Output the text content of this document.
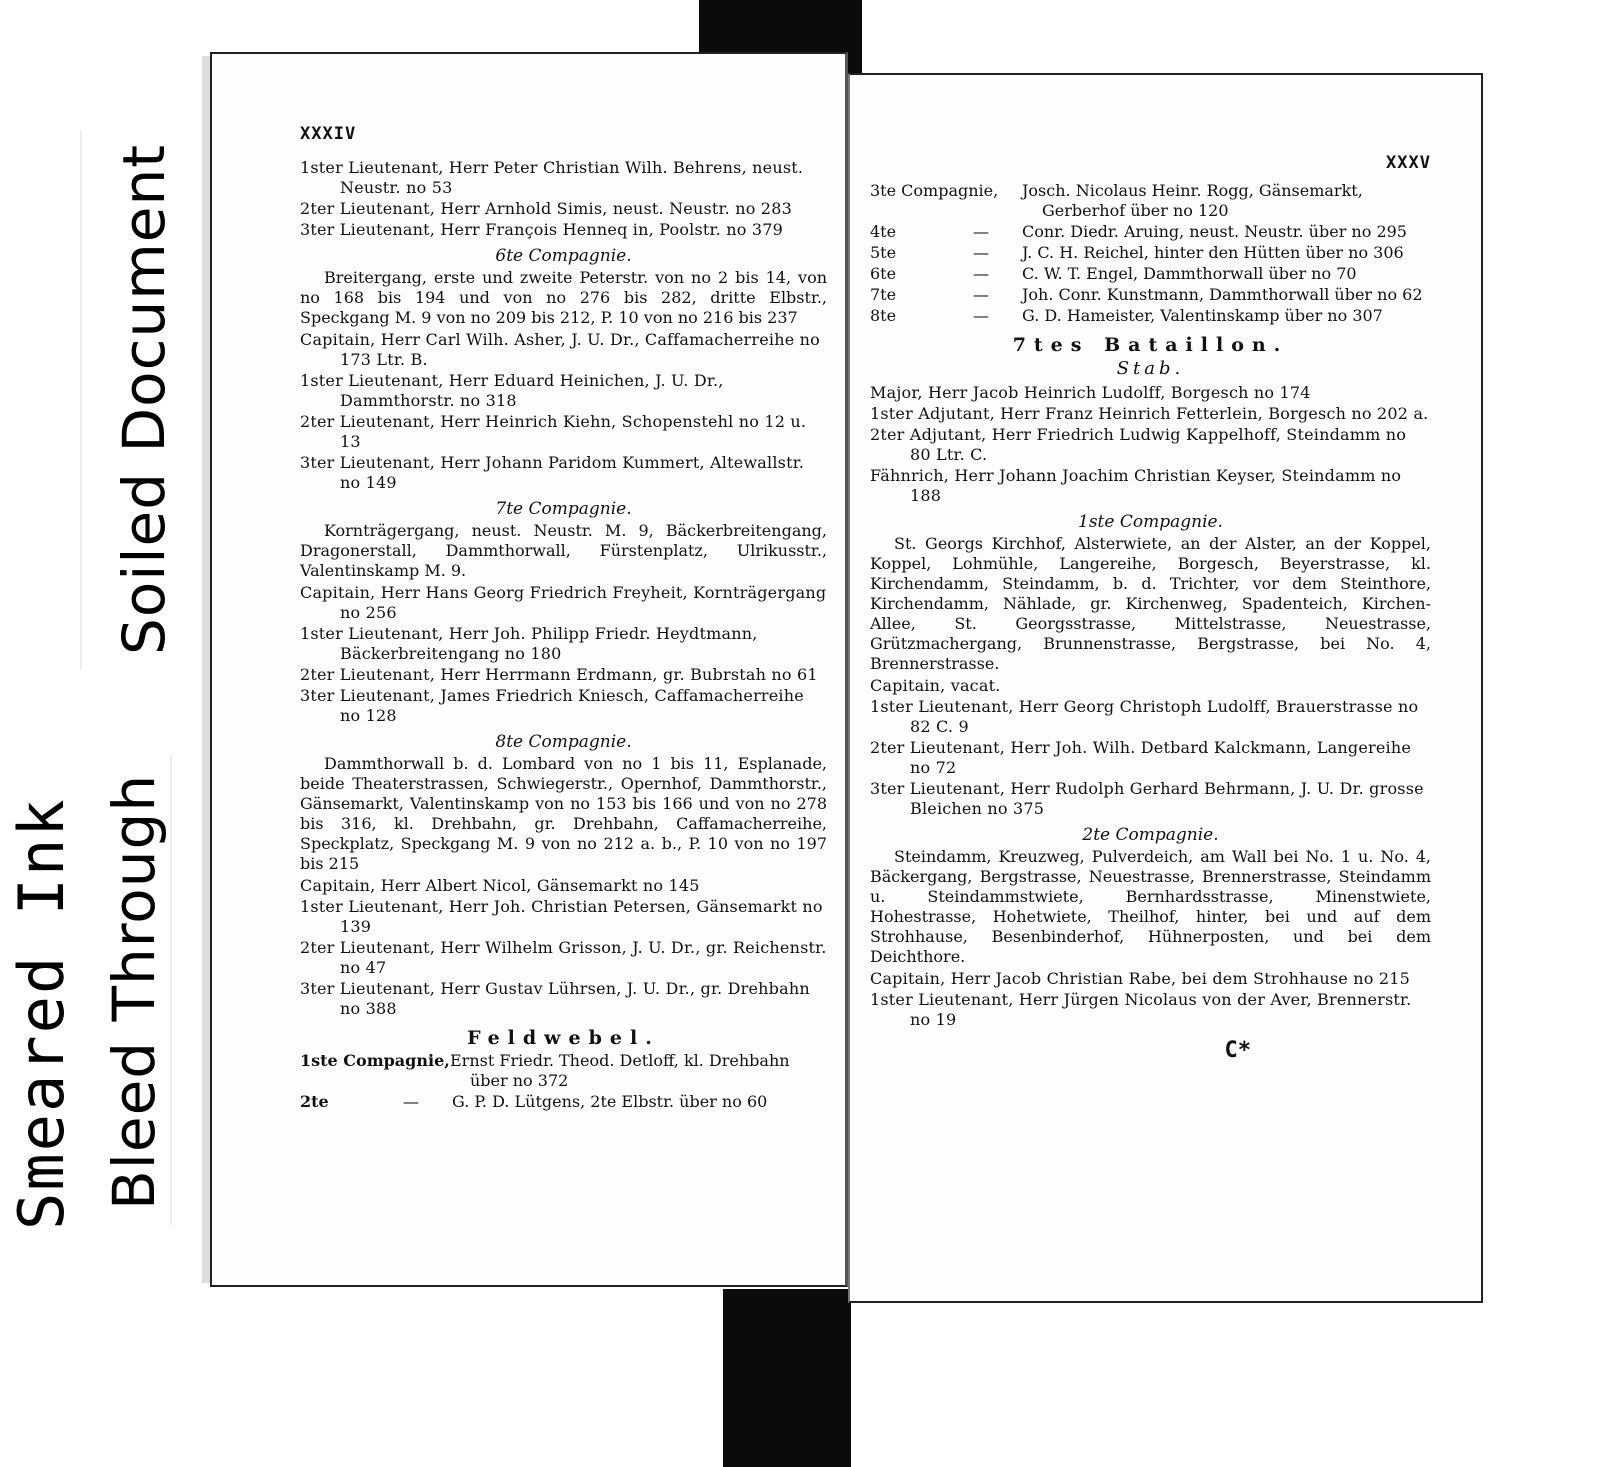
Soiled Document
Bleed Through
Smeared Ink
XXXIV

1ster Lieutenant, Herr Peter Christian Wilh. Behrens, neust. Neustr. no 53

2ter Lieutenant, Herr Arnhold Simis, neust. Neustr. no 283

3ter Lieutenant, Herr François Henneq in, Poolstr. no 379

6te Compagnie.

Breitergang, erste und zweite Peterstr. von no 2 bis 14, von no 168 bis 194 und von no 276 bis 282, dritte Elbstr., Speckgang M. 9 von no 209 bis 212, P. 10 von no 216 bis 237

Capitain, Herr Carl Wilh. Asher, J. U. Dr., Caffamacherreihe no 173 Ltr. B.

1ster Lieutenant, Herr Eduard Heinichen, J. U. Dr., Dammthorstr. no 318

2ter Lieutenant, Herr Heinrich Kiehn, Schopenstehl no 12 u. 13

3ter Lieutenant, Herr Johann Paridom Kummert, Altewallstr. no 149

7te Compagnie.

Kornträgergang, neust. Neustr. M. 9, Bäckerbreitengang, Dragonerstall, Dammthorwall, Fürstenplatz, Ulrikusstr., Valentinskamp M. 9.

Capitain, Herr Hans Georg Friedrich Freyheit, Kornträgergang no 256

1ster Lieutenant, Herr Joh. Philipp Friedr. Heydtmann, Bäckerbreitengang no 180

2ter Lieutenant, Herr Herrmann Erdmann, gr. Bubrstah no 61

3ter Lieutenant, James Friedrich Kniesch, Caffamacherreihe no 128

8te Compagnie.

Dammthorwall b. d. Lombard von no 1 bis 11, Esplanade, beide Theaterstrassen, Schwiegerstr., Opernhof, Dammthorstr., Gänsemarkt, Valentinskamp von no 153 bis 166 und von no 278 bis 316, kl. Drehbahn, gr. Drehbahn, Caffamacherreihe, Speckplatz, Speckgang M. 9 von no 212 a. b., P. 10 von no 197 bis 215

Capitain, Herr Albert Nicol, Gänsemarkt no 145

1ster Lieutenant, Herr Joh. Christian Petersen, Gänsemarkt no 139

2ter Lieutenant, Herr Wilhelm Grisson, J. U. Dr., gr. Reichenstr. no 47

3ter Lieutenant, Herr Gustav Lührsen, J. U. Dr., gr. Drehbahn no 388

Feldwebel.
1ste Compagnie, Ernst Friedr. Theod. Detloff, kl. Drehbahn über no 372
2te	—	G. P. D. Lütgens, 2te Elbstr. über no 60
XXXV
3te Compagnie,	Josch. Nicolaus Heinr. Rogg, Gänsemarkt, Gerberhof über no 120
4te	—	Conr. Diedr. Aruing, neust. Neustr. über no 295
5te	—	J. C. H. Reichel, hinter den Hütten über no 306
6te	—	C. W. T. Engel, Dammthorwall über no 70
7te	—	Joh. Conr. Kunstmann, Dammthorwall über no 62
8te	—	G. D. Hameister, Valentinskamp über no 307
7tes Bataillon.
Stab.

Major, Herr Jacob Heinrich Ludolff, Borgesch no 174

1ster Adjutant, Herr Franz Heinrich Fetterlein, Borgesch no 202 a.

2ter Adjutant, Herr Friedrich Ludwig Kappelhoff, Steindamm no 80 Ltr. C.

Fähnrich, Herr Johann Joachim Christian Keyser, Steindamm no 188

1ste Compagnie.

St. Georgs Kirchhof, Alsterwiete, an der Alster, an der Koppel, Koppel, Lohmühle, Langereihe, Borgesch, Beyerstrasse, kl. Kirchendamm, Steindamm, b. d. Trichter, vor dem Steinthore, Kirchendamm, Nählade, gr. Kirchenweg, Spadenteich, Kirchen-Allee, St. Georgsstrasse, Mittelstrasse, Neuestrasse, Grützmachergang, Brunnenstrasse, Bergstrasse, bei No. 4, Brennerstrasse.

Capitain, vacat.

1ster Lieutenant, Herr Georg Christoph Ludolff, Brauerstrasse no 82 C. 9

2ter Lieutenant, Herr Joh. Wilh. Detbard Kalckmann, Langereihe no 72

3ter Lieutenant, Herr Rudolph Gerhard Behrmann, J. U. Dr. grosse Bleichen no 375

2te Compagnie.

Steindamm, Kreuzweg, Pulverdeich, am Wall bei No. 1 u. No. 4, Bäckergang, Bergstrasse, Neuestrasse, Brennerstrasse, Steindamm u. Steindammstwiete, Bernhardsstrasse, Minenstwiete, Hohestrasse, Hohetwiete, Theilhof, hinter, bei und auf dem Strohhause, Besenbinderhof, Hühnerposten, und bei dem Deichthore.

Capitain, Herr Jacob Christian Rabe, bei dem Strohhause no 215

1ster Lieutenant, Herr Jürgen Nicolaus von der Aver, Brennerstr. no 19

C*
